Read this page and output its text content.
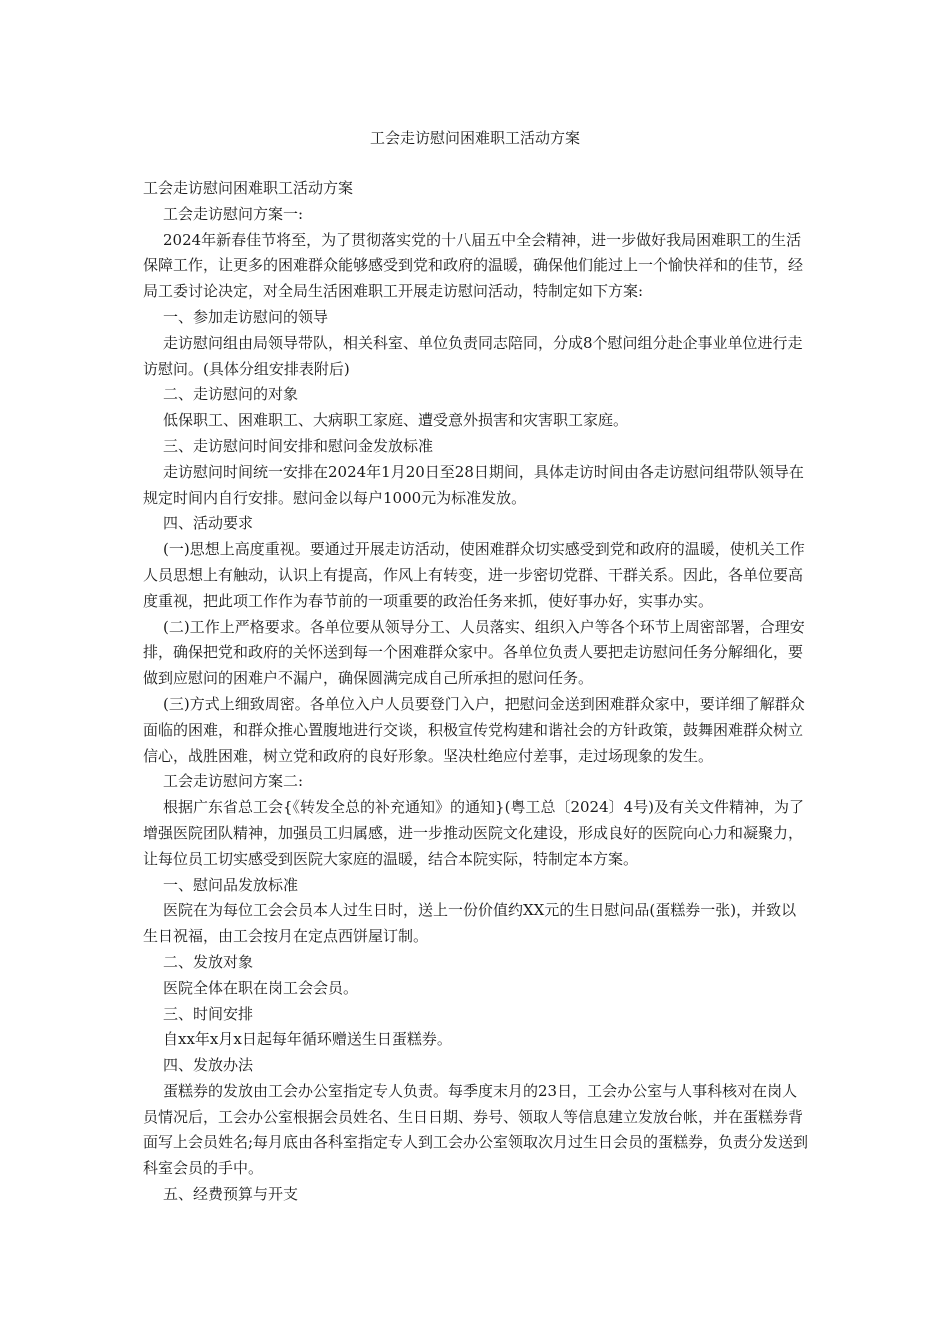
工会走访慰问困难职工活动方案

工会走访慰问困难职工活动方案

工会走访慰问方案一:

2024年新春佳节将至，为了贯彻落实党的十八届五中全会精神，进一步做好我局困难职工的生活保障工作，让更多的困难群众能够感受到党和政府的温暖，确保他们能过上一个愉快祥和的佳节，经局工委讨论决定，对全局生活困难职工开展走访慰问活动，特制定如下方案:

一、参加走访慰问的领导

走访慰问组由局领导带队，相关科室、单位负责同志陪同，分成8个慰问组分赴企事业单位进行走访慰问。(具体分组安排表附后)

二、走访慰问的对象

低保职工、困难职工、大病职工家庭、遭受意外损害和灾害职工家庭。

三、走访慰问时间安排和慰问金发放标准

走访慰问时间统一安排在2024年1月20日至28日期间，具体走访时间由各走访慰问组带队领导在规定时间内自行安排。慰问金以每户1000元为标准发放。

四、活动要求

(一)思想上高度重视。要通过开展走访活动，使困难群众切实感受到党和政府的温暖，使机关工作人员思想上有触动，认识上有提高，作风上有转变，进一步密切党群、干群关系。因此，各单位要高度重视，把此项工作作为春节前的一项重要的政治任务来抓，使好事办好，实事办实。

(二)工作上严格要求。各单位要从领导分工、人员落实、组织入户等各个环节上周密部署，合理安排，确保把党和政府的关怀送到每一个困难群众家中。各单位负责人要把走访慰问任务分解细化，要做到应慰问的困难户不漏户，确保圆满完成自己所承担的慰问任务。

(三)方式上细致周密。各单位入户人员要登门入户，把慰问金送到困难群众家中，要详细了解群众面临的困难，和群众推心置腹地进行交谈，积极宣传党构建和谐社会的方针政策，鼓舞困难群众树立信心，战胜困难，树立党和政府的良好形象。坚决杜绝应付差事，走过场现象的发生。

工会走访慰问方案二:

根据广东省总工会{《转发全总的补充通知》的通知}(粤工总〔2024〕4号)及有关文件精神，为了增强医院团队精神，加强员工归属感，进一步推动医院文化建设，形成良好的医院向心力和凝聚力，让每位员工切实感受到医院大家庭的温暖，结合本院实际，特制定本方案。

一、慰问品发放标准

医院在为每位工会会员本人过生日时，送上一份价值约XX元的生日慰问品(蛋糕券一张)，并致以生日祝福，由工会按月在定点西饼屋订制。

二、发放对象

医院全体在职在岗工会会员。

三、时间安排

自xx年x月x日起每年循环赠送生日蛋糕券。

四、发放办法

蛋糕券的发放由工会办公室指定专人负责。每季度末月的23日，工会办公室与人事科核对在岗人员情况后，工会办公室根据会员姓名、生日日期、券号、领取人等信息建立发放台帐，并在蛋糕券背面写上会员姓名;每月底由各科室指定专人到工会办公室领取次月过生日会员的蛋糕券，负责分发送到科室会员的手中。

五、经费预算与开支
